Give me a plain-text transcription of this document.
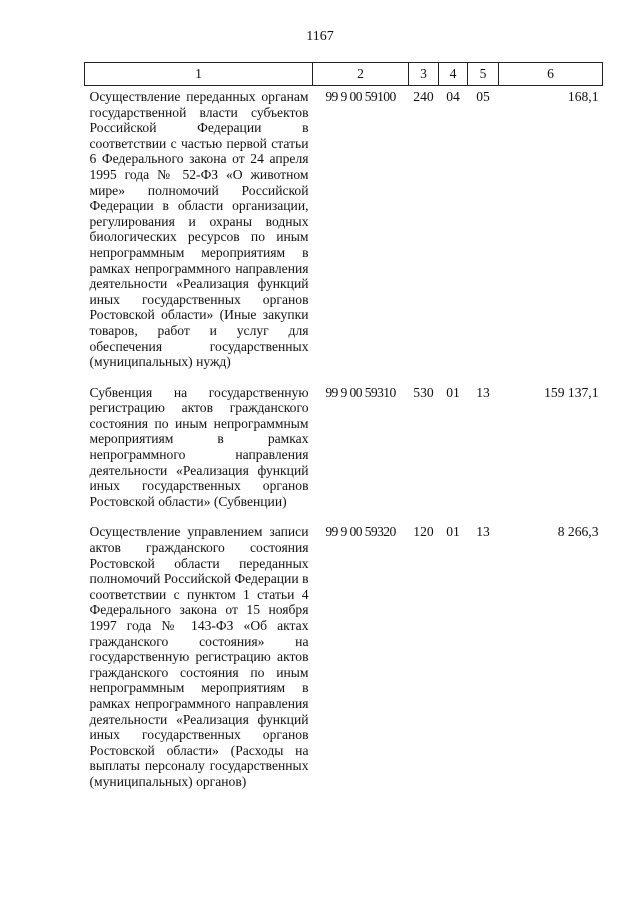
1167
1	2	3	4	5	6
Осуществление переданных органам государственной власти субъектов Российской Федерации в соответствии с частью первой статьи 6 Федерального закона от 24 апреля 1995 года № 52-ФЗ «О животном мире» полномочий Российской Федерации в области организации, регулирования и охраны водных биологических ресурсов по иным непрограммным мероприятиям в рамках непрограммного направления деятельности «Реализация функций иных государственных органов Ростовской области» (Иные закупки товаров, работ и услуг для обеспечения государственных (муниципальных) нужд)	99 9 00 59100	240	04	05	168,1
Субвенция на государственную регистрацию актов гражданского состояния по иным непрограммным мероприятиям в рамках непрограммного направления деятельности «Реализация функций иных государственных органов Ростовской области» (Субвенции)	99 9 00 59310	530	01	13	159 137,1
Осуществление управлением записи актов гражданского состояния Ростовской области переданных полномочий Российской Федерации в соответствии с пунктом 1 статьи 4 Федерального закона от 15 ноября 1997 года № 143-ФЗ «Об актах гражданского состояния» на государственную регистрацию актов гражданского состояния по иным непрограммным мероприятиям в рамках непрограммного направления деятельности «Реализация функций иных государственных органов Ростовской области» (Расходы на выплаты персоналу государственных (муниципальных) органов)	99 9 00 59320	120	01	13	8 266,3
